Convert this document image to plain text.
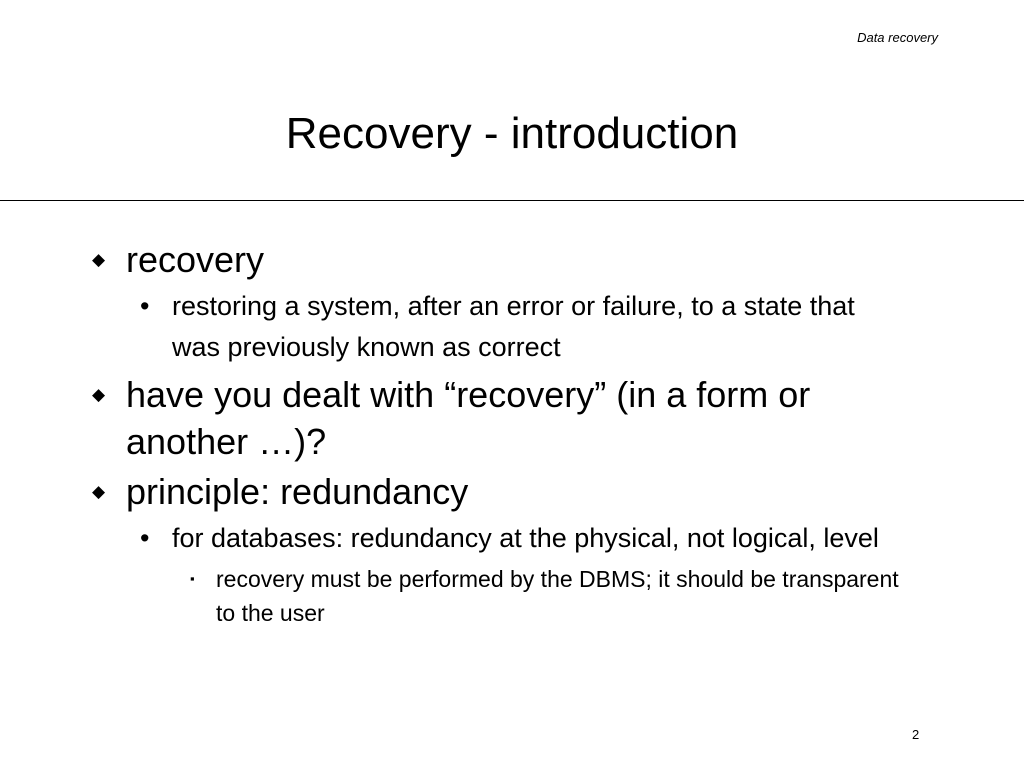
Data recovery
Recovery - introduction
◆ recovery
• restoring a system, after an error or failure, to a state that was previously known as correct
◆ have you dealt with “recovery” (in a form or another …)?
◆ principle: redundancy
• for databases: redundancy at the physical, not logical, level
▪ recovery must be performed by the DBMS; it should be transparent to the user
2
